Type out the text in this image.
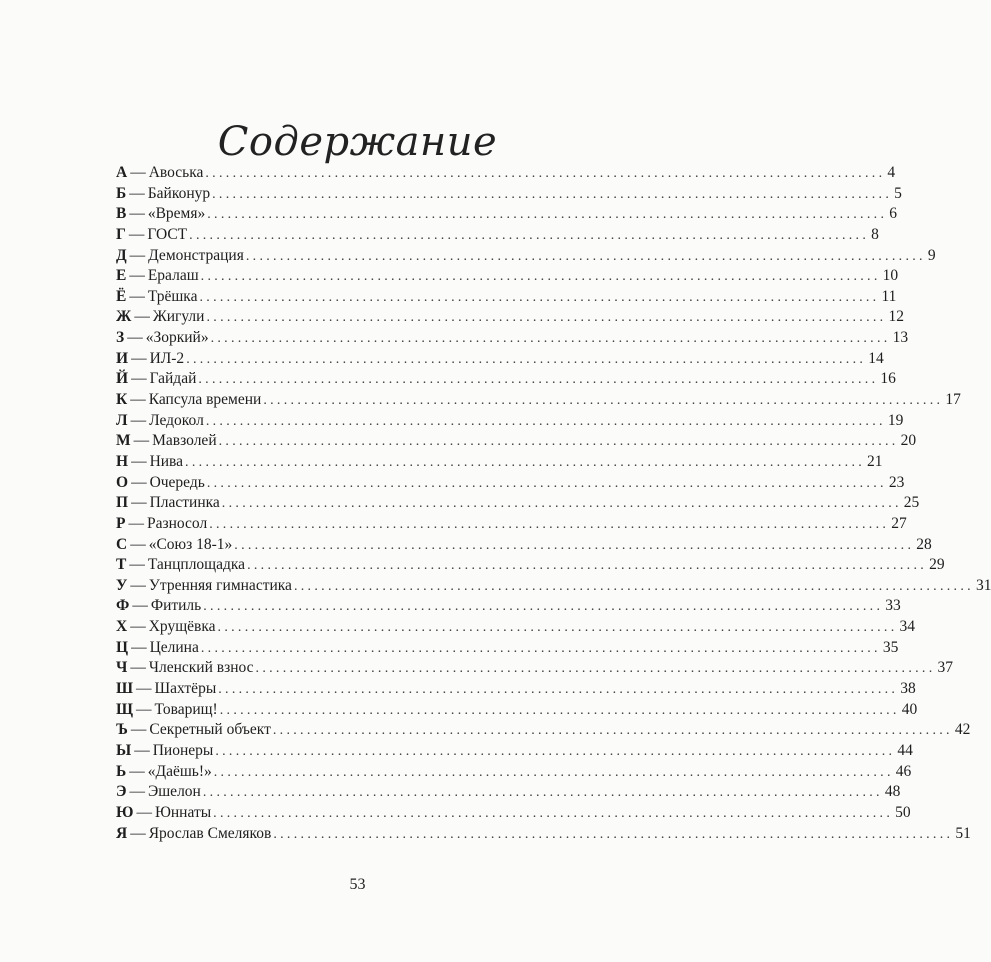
Содержание
А — Авоська .................................................................................................... 4
Б — Байконур .................................................................................................... 5
В — «Время» .................................................................................................... 6
Г — ГОСТ .................................................................................................... 8
Д — Демонстрация .................................................................................................... 9
Е — Ералаш .................................................................................................... 10
Ё — Трёшка .................................................................................................... 11
Ж — Жигули .................................................................................................... 12
З — «Зоркий» .................................................................................................... 13
И — ИЛ-2 .................................................................................................... 14
Й — Гайдай .................................................................................................... 16
К — Капсула времени .................................................................................................... 17
Л — Ледокол .................................................................................................... 19
М — Мавзолей .................................................................................................... 20
Н — Нива .................................................................................................... 21
О — Очередь .................................................................................................... 23
П — Пластинка .................................................................................................... 25
Р — Разносол .................................................................................................... 27
С — «Союз 18-1» .................................................................................................... 28
Т — Танцплощадка .................................................................................................... 29
У — Утренняя гимнастика .................................................................................................... 31
Ф — Фитиль .................................................................................................... 33
Х — Хрущёвка .................................................................................................... 34
Ц — Целина .................................................................................................... 35
Ч — Членский взнос .................................................................................................... 37
Ш — Шахтёры .................................................................................................... 38
Щ — Товарищ! .................................................................................................... 40
Ъ — Секретный объект .................................................................................................... 42
Ы — Пионеры .................................................................................................... 44
Ь — «Даёшь!» .................................................................................................... 46
Э — Эшелон .................................................................................................... 48
Ю — Юннаты .................................................................................................... 50
Я — Ярослав Смеляков .................................................................................................... 51
53
